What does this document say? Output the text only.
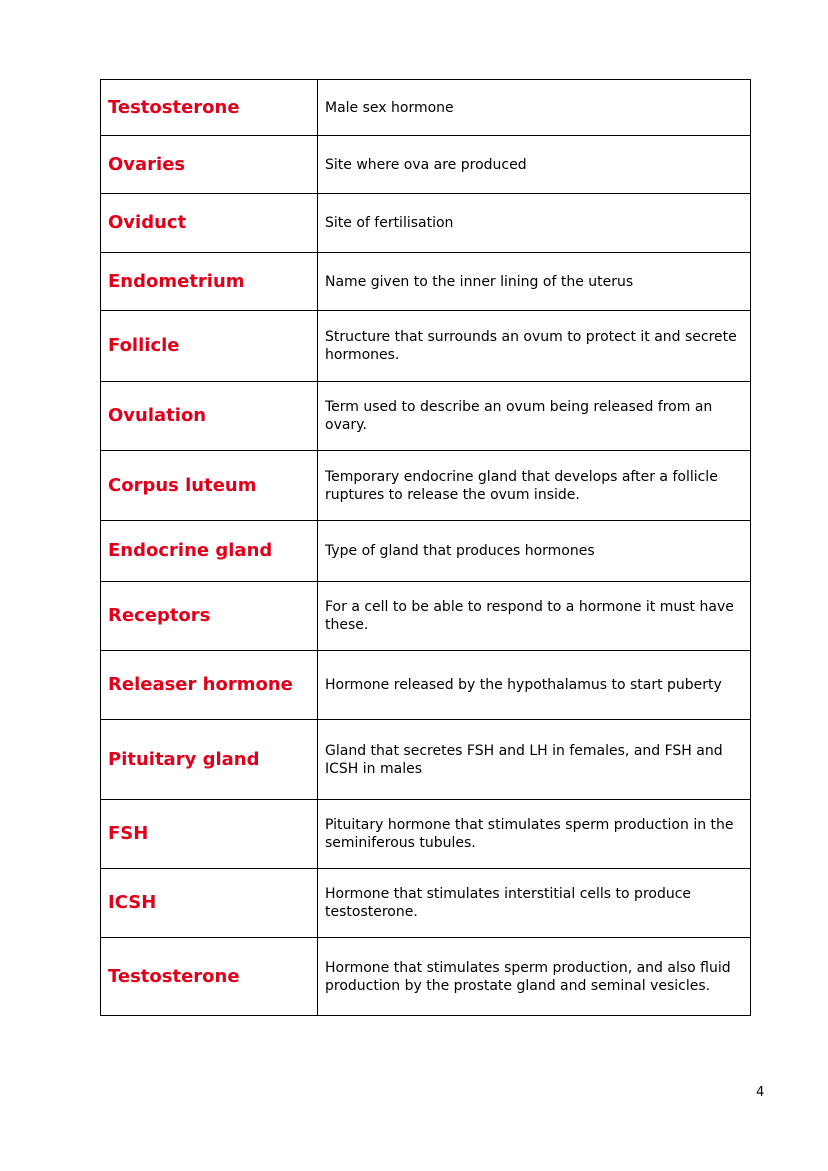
Testosterone	Male sex hormone
Ovaries	Site where ova are produced
Oviduct	Site of fertilisation
Endometrium	Name given to the inner lining of the uterus
Follicle	Structure that surrounds an ovum to protect it and secrete hormones.
Ovulation	Term used to describe an ovum being released from an ovary.
Corpus luteum	Temporary endocrine gland that develops after a follicle ruptures to release the ovum inside.
Endocrine gland	Type of gland that produces hormones
Receptors	For a cell to be able to respond to a hormone it must have these.
Releaser hormone	Hormone released by the hypothalamus to start puberty
Pituitary gland	Gland that secretes FSH and LH in females, and FSH and ICSH in males
FSH	Pituitary hormone that stimulates sperm production in the seminiferous tubules.
ICSH	Hormone that stimulates interstitial cells to produce testosterone.
Testosterone	Hormone that stimulates sperm production, and also fluid production by the prostate gland and seminal vesicles.
4
